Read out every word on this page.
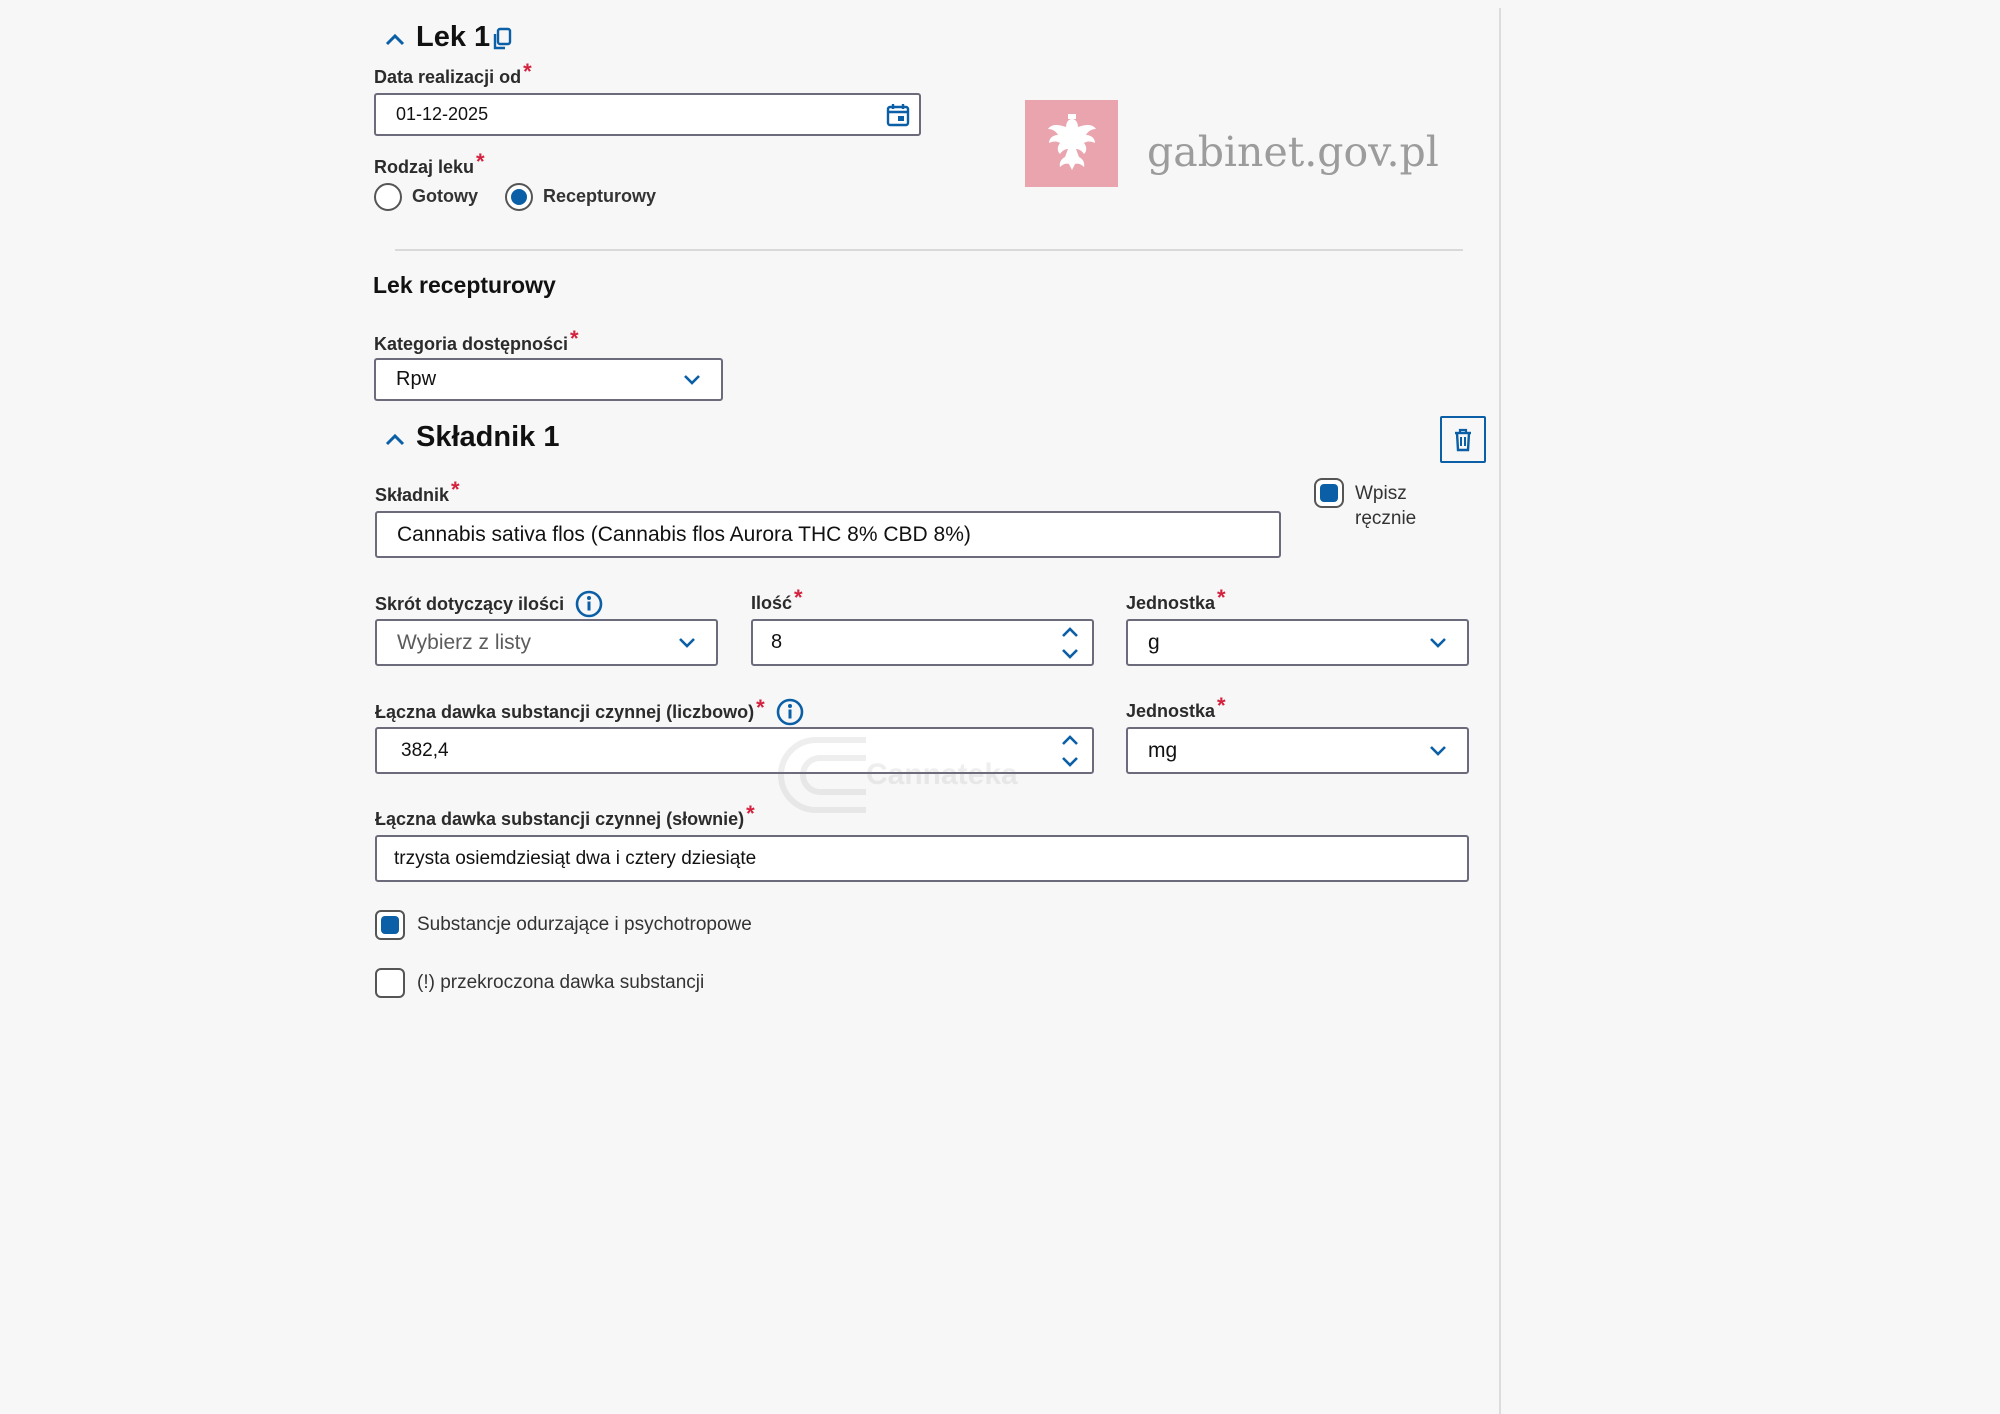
Lek 1
Data realizacji od*
01-12-2025
Rodzaj leku*
Gotowy	Recepturowy
gabinet.gov.pl
Lek recepturowy
Kategoria dostępności*
Rpw
Składnik 1
Składnik*
Cannabis sativa flos (Cannabis flos Aurora THC 8% CBD 8%)
Wpisz
ręcznie
Skrót dotyczący ilości
Wybierz z listy
Ilość*
8
Jednostka*
g
Łączna dawka substancji czynnej (liczbowo) *
382,4
Jednostka*
mg
Łączna dawka substancji czynnej (słownie)*
trzysta osiemdziesiąt dwa i cztery dziesiąte
Substancje odurzające i psychotropowe
(!) przekroczona dawka substancji
